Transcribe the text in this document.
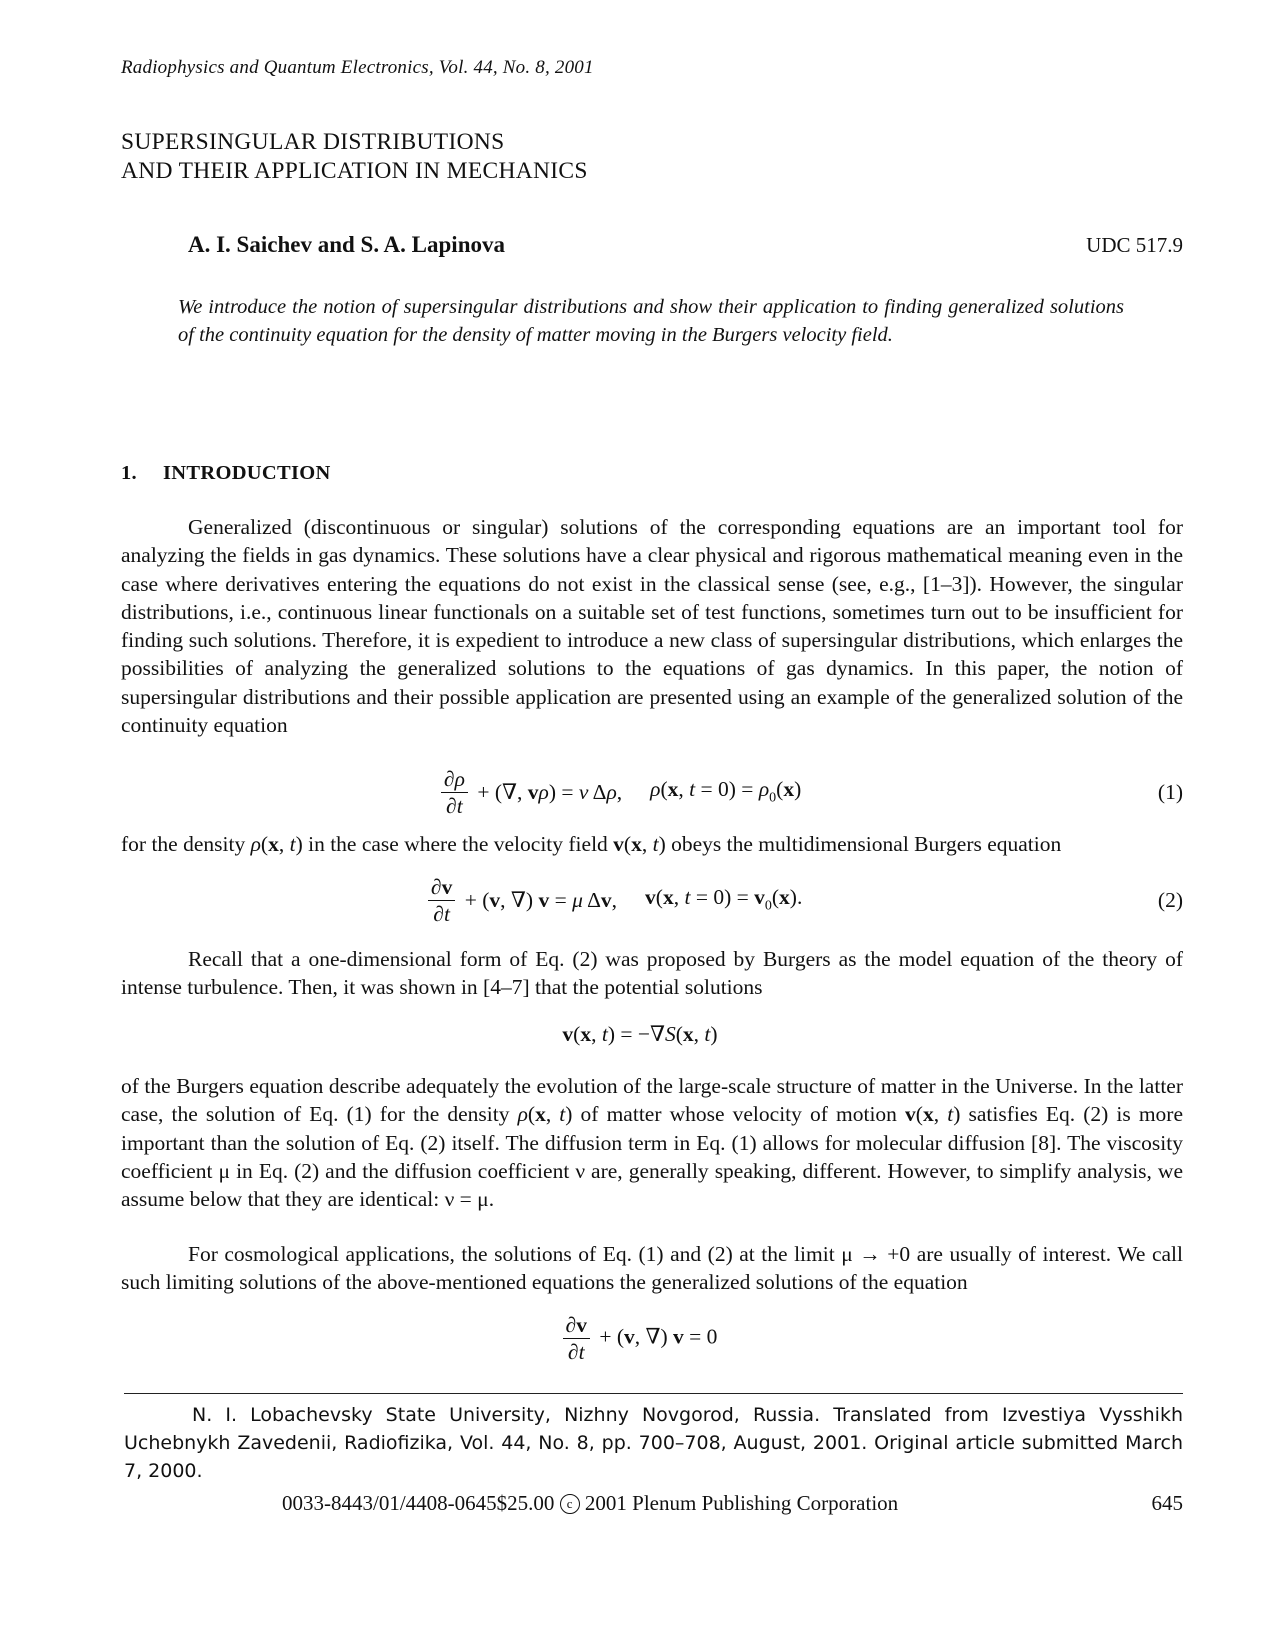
Radiophysics and Quantum Electronics, Vol. 44, No. 8, 2001
SUPERSINGULAR DISTRIBUTIONS
AND THEIR APPLICATION IN MECHANICS
A. I. Saichev and S. A. Lapinova	UDC 517.9
We introduce the notion of supersingular distributions and show their application to finding generalized solutions of the continuity equation for the density of matter moving in the Burgers velocity field.
1. INTRODUCTION
Generalized (discontinuous or singular) solutions of the corresponding equations are an important tool for analyzing the fields in gas dynamics. These solutions have a clear physical and rigorous mathematical meaning even in the case where derivatives entering the equations do not exist in the classical sense (see, e.g., [1–3]). However, the singular distributions, i.e., continuous linear functionals on a suitable set of test functions, sometimes turn out to be insufficient for finding such solutions. Therefore, it is expedient to introduce a new class of supersingular distributions, which enlarges the possibilities of analyzing the generalized solutions to the equations of gas dynamics. In this paper, the notion of supersingular distributions and their possible application are presented using an example of the generalized solution of the continuity equation
$\frac{\partial\rho}{\partial t}$ + (∇, vρ) = ν Δρ, ρ(x, $t = 0) = \rho_0(x)$	(1)
for the density ρ(x, t) in the case where the velocity field v(x, t) obeys the multidimensional Burgers equation
$\frac{\partial v}{\partial t} + (v$, ∇) v = μ Δv, v(x, $t = 0) = v_0(x)$.	(2)
Recall that a one-dimensional form of Eq. (2) was proposed by Burgers as the model equation of the theory of intense turbulence. Then, it was shown in [4–7] that the potential solutions
v(x, t) = −∇S(x, t)
of the Burgers equation describe adequately the evolution of the large-scale structure of matter in the Universe. In the latter case, the solution of Eq. (1) for the density ρ(x, t) of matter whose velocity of motion v(x, t) satisfies Eq. (2) is more important than the solution of Eq. (2) itself. The diffusion term in Eq. (1) allows for molecular diffusion [8]. The viscosity coefficient μ in Eq. (2) and the diffusion coefficient ν are, generally speaking, different. However, to simplify analysis, we assume below that they are identical: ν = μ.
For cosmological applications, the solutions of Eq. (1) and (2) at the limit μ → +0 are usually of interest. We call such limiting solutions of the above-mentioned equations the generalized solutions of the equation
$\frac{\partial v}{\partial t} + (v$, ∇) v = 0
N. I. Lobachevsky State University, Nizhny Novgorod, Russia. Translated from Izvestiya Vysshikh Uchebnykh Zavedenii, Radiofizika, Vol. 44, No. 8, pp. 700–708, August, 2001. Original article submitted March 7, 2000.
0033-8443/01/4408-0645$25.00 c 2001 Plenum Publishing Corporation	645
